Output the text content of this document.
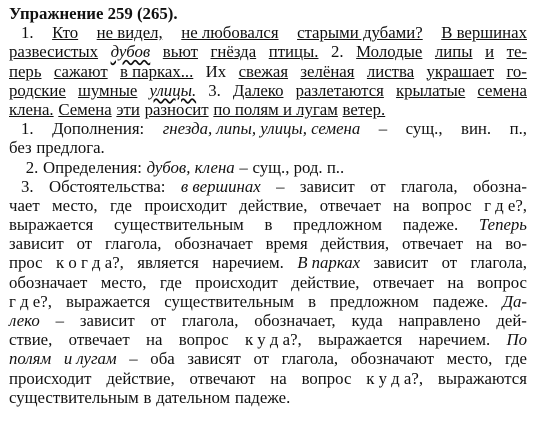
Упражнение 259 (265).
1. Кто не видел, не любовался старыми дубами? В вершинах
развесистых дубов вьют гнёзда птицы. 2. Молодые липы и те-
перь сажают в парках... Их свежая зелёная листва украшает го-
родские шумные улицы. 3. Далеко разлетаются крылатые семена
клена. Семена эти разносит по полям и лугам ветер.
1. Дополнения: гнезда, липы, улицы, семена – сущ., вин. п.,
без предлога.
2. Определения: дубов, клена – сущ., род. п..
3. Обстоятельства: в вершинах – зависит от глагола, обозна-
чает место, где происходит действие, отвечает на вопрос г д е?,
выражается существительным в предложном падеже. Теперь
зависит от глагола, обозначает время действия, отвечает на во-
прос к о г д а?, является наречием. В парках зависит от глагола,
обозначает место, где происходит действие, отвечает на вопрос
г д е?, выражается существительным в предложном падеже. Да-
леко – зависит от глагола, обозначает, куда направлено дей-
ствие, отвечает на вопрос к у д а?, выражается наречием. По
полям и лугам – оба зависят от глагола, обозначают место, где
происходит действие, отвечают на вопрос к у д а?, выражаются
существительным в дательном падеже.
